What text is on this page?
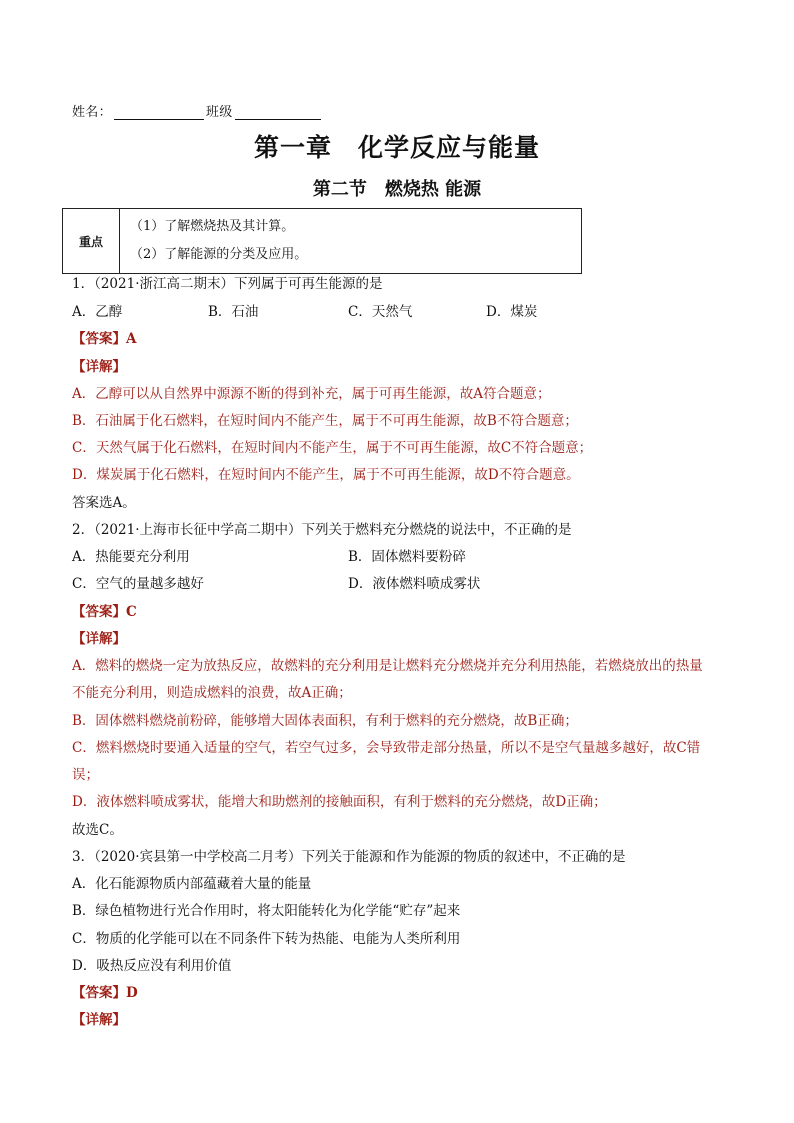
姓名：	班级
第一章　化学反应与能量
第二节　燃烧热 能源
重点	
（1）了解燃烧热及其计算。
（2）了解能源的分类及应用。
1．（2021·浙江高二期末）下列属于可再生能源的是
A．乙醇	B．石油	C．天然气	D．煤炭
【答案】A
【详解】
A．乙醇可以从自然界中源源不断的得到补充，属于可再生能源，故A符合题意；
B．石油属于化石燃料，在短时间内不能产生，属于不可再生能源，故B不符合题意；
C．天然气属于化石燃料，在短时间内不能产生，属于不可再生能源，故C不符合题意；
D．煤炭属于化石燃料，在短时间内不能产生，属于不可再生能源，故D不符合题意。
答案选A。
2．（2021·上海市长征中学高二期中）下列关于燃料充分燃烧的说法中，不正确的是
A．热能要充分利用	B．固体燃料要粉碎
C．空气的量越多越好	D．液体燃料喷成雾状
【答案】C
【详解】
A．燃料的燃烧一定为放热反应，故燃料的充分利用是让燃料充分燃烧并充分利用热能，若燃烧放出的热量
不能充分利用，则造成燃料的浪费，故A正确；
B．固体燃料燃烧前粉碎，能够增大固体表面积，有利于燃料的充分燃烧，故B正确；
C．燃料燃烧时要通入适量的空气，若空气过多，会导致带走部分热量，所以不是空气量越多越好，故C错
误；
D．液体燃料喷成雾状，能增大和助燃剂的接触面积，有利于燃料的充分燃烧，故D正确；
故选C。
3．（2020·宾县第一中学校高二月考）下列关于能源和作为能源的物质的叙述中，不正确的是
A．化石能源物质内部蕴藏着大量的能量
B．绿色植物进行光合作用时，将太阳能转化为化学能“贮存”起来
C．物质的化学能可以在不同条件下转为热能、电能为人类所利用
D．吸热反应没有利用价值
【答案】D
【详解】
